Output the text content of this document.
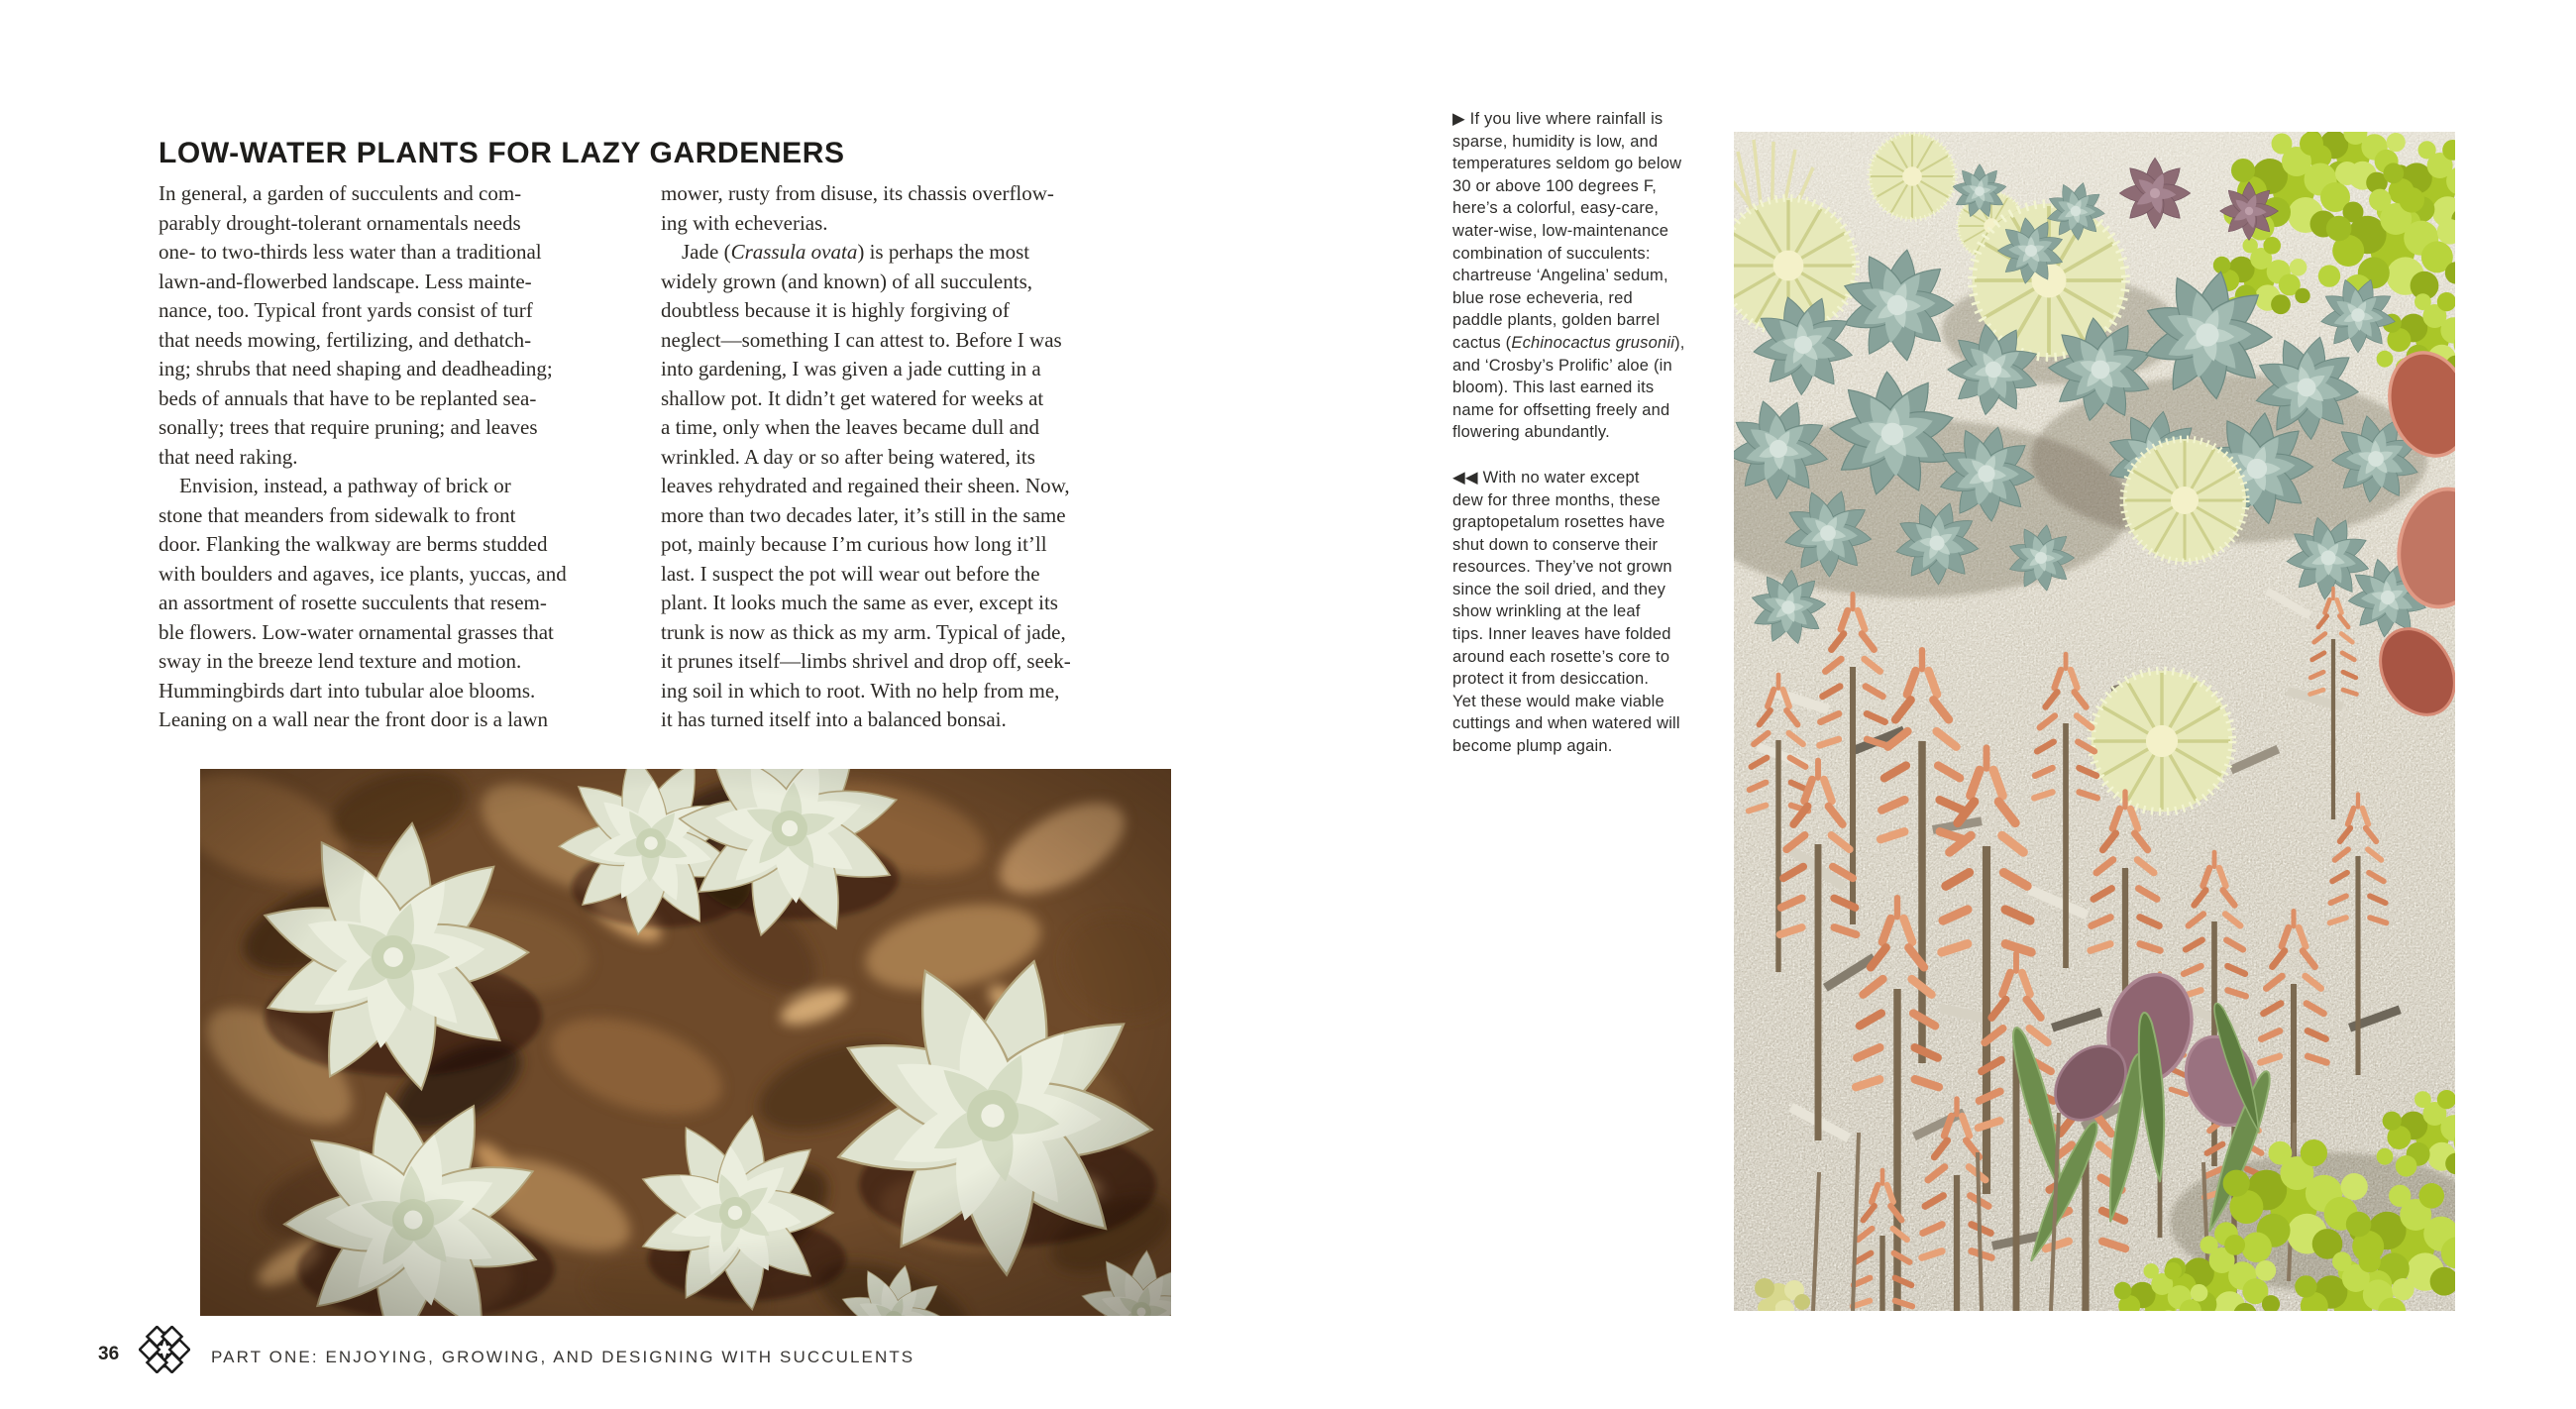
LOW-WATER PLANTS FOR LAZY GARDENERS
In general, a garden of succulents and com-
parably drought-tolerant ornamentals needs
one- to two-thirds less water than a traditional
lawn-and-flowerbed landscape. Less mainte-
nance, too. Typical front yards consist of turf
that needs mowing, fertilizing, and dethatch-
ing; shrubs that need shaping and deadheading;
beds of annuals that have to be replanted sea-
sonally; trees that require pruning; and leaves
that need raking.
 Envision, instead, a pathway of brick or
stone that meanders from sidewalk to front
door. Flanking the walkway are berms studded
with boulders and agaves, ice plants, yuccas, and
an assortment of rosette succulents that resem-
ble flowers. Low-water ornamental grasses that
sway in the breeze lend texture and motion.
Hummingbirds dart into tubular aloe blooms.
Leaning on a wall near the front door is a lawn
mower, rusty from disuse, its chassis overflow-
ing with echeverias.
 Jade (Crassula ovata) is perhaps the most
widely grown (and known) of all succulents,
doubtless because it is highly forgiving of
neglect—something I can attest to. Before I was
into gardening, I was given a jade cutting in a
shallow pot. It didn’t get watered for weeks at
a time, only when the leaves became dull and
wrinkled. A day or so after being watered, its
leaves rehydrated and regained their sheen. Now,
more than two decades later, it’s still in the same
pot, mainly because I’m curious how long it’ll
last. I suspect the pot will wear out before the
plant. It looks much the same as ever, except its
trunk is now as thick as my arm. Typical of jade,
it prunes itself—limbs shrivel and drop off, seek-
ing soil in which to root. With no help from me,
it has turned itself into a balanced bonsai.

▶ If you live where rainfall is
sparse, humidity is low, and
temperatures seldom go below
30 or above 100 degrees F,
here’s a colorful, easy-care,
water-wise, low-maintenance
combination of succulents:
chartreuse ‘Angelina’ sedum,
blue rose echeveria, red
paddle plants, golden barrel
cactus (Echinocactus grusonii),
and ‘Crosby’s Prolific’ aloe (in
bloom). This last earned its
name for offsetting freely and
flowering abundantly.

◀◀ With no water except
dew for three months, these
graptopetalum rosettes have
shut down to conserve their
resources. They’ve not grown
since the soil dried, and they
show wrinkling at the leaf
tips. Inner leaves have folded
around each rosette’s core to
protect it from desiccation.
Yet these would make viable
cuttings and when watered will
become plump again.

36	PART ONE: ENJOYING, GROWING, AND DESIGNING WITH SUCCULENTS
